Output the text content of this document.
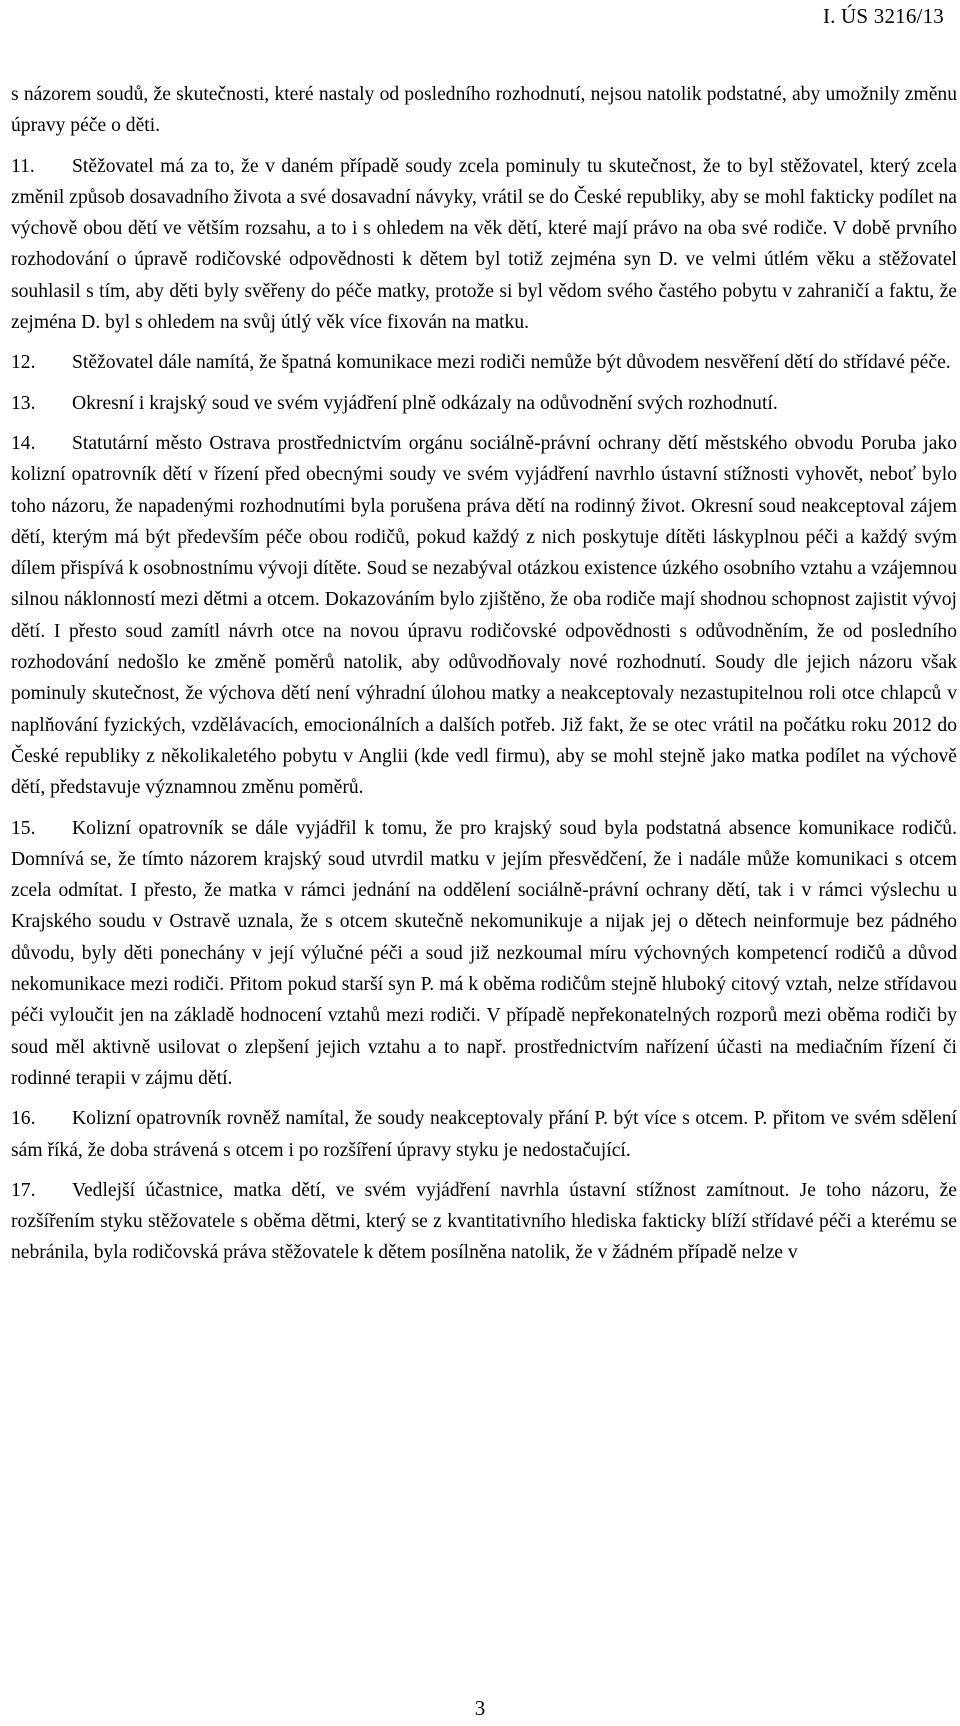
I. ÚS 3216/13

s názorem soudů, že skutečnosti, které nastaly od posledního rozhodnutí, nejsou natolik podstatné, aby umožnily změnu úpravy péče o děti.

11. Stěžovatel má za to, že v daném případě soudy zcela pominuly tu skutečnost, že to byl stěžovatel, který zcela změnil způsob dosavadního života a své dosavadní návyky, vrátil se do České republiky, aby se mohl fakticky podílet na výchově obou dětí ve větším rozsahu, a to i s ohledem na věk dětí, které mají právo na oba své rodiče. V době prvního rozhodování o úpravě rodičovské odpovědnosti k dětem byl totiž zejména syn D. ve velmi útlém věku a stěžovatel souhlasil s tím, aby děti byly svěřeny do péče matky, protože si byl vědom svého častého pobytu v zahraničí a faktu, že zejména D. byl s ohledem na svůj útlý věk více fixován na matku.

12. Stěžovatel dále namítá, že špatná komunikace mezi rodiči nemůže být důvodem nesvěření dětí do střídavé péče.

13. Okresní i krajský soud ve svém vyjádření plně odkázaly na odůvodnění svých rozhodnutí.

14. Statutární město Ostrava prostřednictvím orgánu sociálně-právní ochrany dětí městského obvodu Poruba jako kolizní opatrovník dětí v řízení před obecnými soudy ve svém vyjádření navrhlo ústavní stížnosti vyhovět, neboť bylo toho názoru, že napadenými rozhodnutími byla porušena práva dětí na rodinný život. Okresní soud neakceptoval zájem dětí, kterým má být především péče obou rodičů, pokud každý z nich poskytuje dítěti láskyplnou péči a každý svým dílem přispívá k osobnostnímu vývoji dítěte. Soud se nezabýval otázkou existence úzkého osobního vztahu a vzájemnou silnou náklonností mezi dětmi a otcem. Dokazováním bylo zjištěno, že oba rodiče mají shodnou schopnost zajistit vývoj dětí. I přesto soud zamítl návrh otce na novou úpravu rodičovské odpovědnosti s odůvodněním, že od posledního rozhodování nedošlo ke změně poměrů natolik, aby odůvodňovaly nové rozhodnutí. Soudy dle jejich názoru však pominuly skutečnost, že výchova dětí není výhradní úlohou matky a neakceptovaly nezastupitelnou roli otce chlapců v naplňování fyzických, vzdělávacích, emocionálních a dalších potřeb. Již fakt, že se otec vrátil na počátku roku 2012 do České republiky z několikaletého pobytu v Anglii (kde vedl firmu), aby se mohl stejně jako matka podílet na výchově dětí, představuje významnou změnu poměrů.

15. Kolizní opatrovník se dále vyjádřil k tomu, že pro krajský soud byla podstatná absence komunikace rodičů. Domnívá se, že tímto názorem krajský soud utvrdil matku v jejím přesvědčení, že i nadále může komunikaci s otcem zcela odmítat. I přesto, že matka v rámci jednání na oddělení sociálně-právní ochrany dětí, tak i v rámci výslechu u Krajského soudu v Ostravě uznala, že s otcem skutečně nekomunikuje a nijak jej o dětech neinformuje bez pádného důvodu, byly děti ponechány v její výlučné péči a soud již nezkoumal míru výchovných kompetencí rodičů a důvod nekomunikace mezi rodiči. Přitom pokud starší syn P. má k oběma rodičům stejně hluboký citový vztah, nelze střídavou péči vyloučit jen na základě hodnocení vztahů mezi rodiči. V případě nepřekonatelných rozporů mezi oběma rodiči by soud měl aktivně usilovat o zlepšení jejich vztahu a to např. prostřednictvím nařízení účasti na mediačním řízení či rodinné terapii v zájmu dětí.

16. Kolizní opatrovník rovněž namítal, že soudy neakceptovaly přání P. být více s otcem. P. přitom ve svém sdělení sám říká, že doba strávená s otcem i po rozšíření úpravy styku je nedostačující.

17. Vedlejší účastnice, matka dětí, ve svém vyjádření navrhla ústavní stížnost zamítnout. Je toho názoru, že rozšířením styku stěžovatele s oběma dětmi, který se z kvantitativního hlediska fakticky blíží střídavé péči a kterému se nebránila, byla rodičovská práva stěžovatele k dětem posílněna natolik, že v žádném případě nelze v

3
